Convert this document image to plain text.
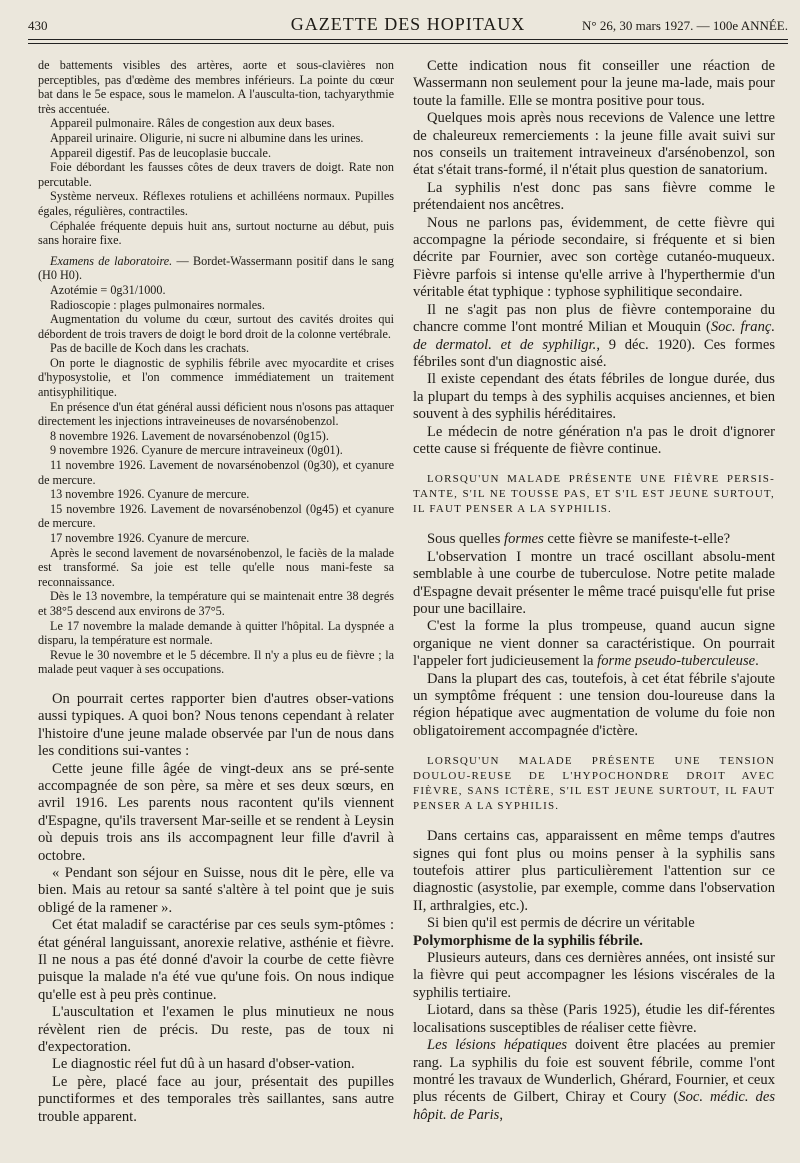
430	GAZETTE DES HOPITAUX	N° 26, 30 mars 1927. — 100e ANNÉE.

de battements visibles des artères, aorte et sous-clavières non perceptibles, pas d'œdème des membres inférieurs. La pointe du cœur bat dans le 5e espace, sous le mamelon. A l'ausculta-tion, tachyarythmie très accentuée.

Appareil pulmonaire. Râles de congestion aux deux bases.

Appareil urinaire. Oligurie, ni sucre ni albumine dans les urines.

Appareil digestif. Pas de leucoplasie buccale.

Foie débordant les fausses côtes de deux travers de doigt. Rate non percutable.

Système nerveux. Réflexes rotuliens et achilléens normaux. Pupilles égales, régulières, contractiles.

Céphalée fréquente depuis huit ans, surtout nocturne au début, puis sans horaire fixe.

Examens de laboratoire. — Bordet-Wassermann positif dans le sang (H0 H0).

Azotémie = 0g31/1000.

Radioscopie : plages pulmonaires normales.

Augmentation du volume du cœur, surtout des cavités droites qui débordent de trois travers de doigt le bord droit de la colonne vertébrale.

Pas de bacille de Koch dans les crachats.

On porte le diagnostic de syphilis fébrile avec myocardite et crises d'hyposystolie, et l'on commence immédiatement un traitement antisyphilitique.

En présence d'un état général aussi déficient nous n'osons pas attaquer directement les injections intraveineuses de novarsénobenzol.

8 novembre 1926. Lavement de novarsénobenzol (0g15).

9 novembre 1926. Cyanure de mercure intraveineux (0g01).

11 novembre 1926. Lavement de novarsénobenzol (0g30), et cyanure de mercure.

13 novembre 1926. Cyanure de mercure.

15 novembre 1926. Lavement de novarsénobenzol (0g45) et cyanure de mercure.

17 novembre 1926. Cyanure de mercure.

Après le second lavement de novarsénobenzol, le faciès de la malade est transformé. Sa joie est telle qu'elle nous mani-feste sa reconnaissance.

Dès le 13 novembre, la température qui se maintenait entre 38 degrés et 38°5 descend aux environs de 37°5.

Le 17 novembre la malade demande à quitter l'hôpital. La dyspnée a disparu, la température est normale.

Revue le 30 novembre et le 5 décembre. Il n'y a plus eu de fièvre ; la malade peut vaquer à ses occupations.

On pourrait certes rapporter bien d'autres obser-vations aussi typiques. A quoi bon? Nous tenons cependant à relater l'histoire d'une jeune malade observée par l'un de nous dans les conditions sui-vantes :

Cette jeune fille âgée de vingt-deux ans se pré-sente accompagnée de son père, sa mère et ses deux sœurs, en avril 1916. Les parents nous racontent qu'ils viennent d'Espagne, qu'ils traversent Mar-seille et se rendent à Leysin où depuis trois ans ils accompagnent leur fille d'avril à octobre.

« Pendant son séjour en Suisse, nous dit le père, elle va bien. Mais au retour sa santé s'altère à tel point que je suis obligé de la ramener ».

Cet état maladif se caractérise par ces seuls sym-ptômes : état général languissant, anorexie relative, asthénie et fièvre. Il ne nous a pas été donné d'avoir la courbe de cette fièvre puisque la malade n'a été vue qu'une fois. On nous indique qu'elle est à peu près continue.

L'auscultation et l'examen le plus minutieux ne nous révèlent rien de précis. Du reste, pas de toux ni d'expectoration.

Le diagnostic réel fut dû à un hasard d'obser-vation.

Le père, placé face au jour, présentait des pupilles punctiformes et des temporales très saillantes, sans autre trouble apparent.

Cette indication nous fit conseiller une réaction de Wassermann non seulement pour la jeune ma-lade, mais pour toute la famille. Elle se montra positive pour tous.

Quelques mois après nous recevions de Valence une lettre de chaleureux remerciements : la jeune fille avait suivi sur nos conseils un traitement intraveineux d'arsénobenzol, son état s'était trans-formé, il n'était plus question de sanatorium.

La syphilis n'est donc pas sans fièvre comme le prétendaient nos ancêtres.

Nous ne parlons pas, évidemment, de cette fièvre qui accompagne la période secondaire, si fréquente et si bien décrite par Fournier, avec son cortège cutanéo-muqueux. Fièvre parfois si intense qu'elle arrive à l'hyperthermie d'un véritable état typhique : typhose syphilitique secondaire.

Il ne s'agit pas non plus de fièvre contemporaine du chancre comme l'ont montré Milian et Mouquin (Soc. franç. de dermatol. et de syphiligr., 9 déc. 1920). Ces formes fébriles sont d'un diagnostic aisé.

Il existe cependant des états fébriles de longue durée, dus la plupart du temps à des syphilis acquises anciennes, et bien souvent à des syphilis héréditaires.

Le médecin de notre génération n'a pas le droit d'ignorer cette cause si fréquente de fièvre continue.

LORSQU'UN MALADE PRÉSENTE UNE FIÈVRE PERSIS-TANTE, S'IL NE TOUSSE PAS, ET S'IL EST JEUNE SURTOUT, IL FAUT PENSER A LA SYPHILIS.

Sous quelles formes cette fièvre se manifeste-t-elle?

L'observation I montre un tracé oscillant absolu-ment semblable à une courbe de tuberculose. Notre petite malade d'Espagne devait présenter le même tracé puisqu'elle fut prise pour une bacillaire.

C'est la forme la plus trompeuse, quand aucun signe organique ne vient donner sa caractéristique. On pourrait l'appeler fort judicieusement la forme pseudo-tuberculeuse.

Dans la plupart des cas, toutefois, à cet état fébrile s'ajoute un symptôme fréquent : une tension dou-loureuse dans la région hépatique avec augmentation de volume du foie non obligatoirement accompagnée d'ictère.

LORSQU'UN MALADE PRÉSENTE UNE TENSION DOULOU-REUSE DE L'HYPOCHONDRE DROIT AVEC FIÈVRE, SANS ICTÈRE, S'IL EST JEUNE SURTOUT, IL FAUT PENSER A LA SYPHILIS.

Dans certains cas, apparaissent en même temps d'autres signes qui font plus ou moins penser à la syphilis sans toutefois attirer plus particulièrement l'attention sur ce diagnostic (asystolie, par exemple, comme dans l'observation II, arthralgies, etc.).

Si bien qu'il est permis de décrire un véritable

Polymorphisme de la syphilis fébrile.

Plusieurs auteurs, dans ces dernières années, ont insisté sur la fièvre qui peut accompagner les lésions viscérales de la syphilis tertiaire.

Liotard, dans sa thèse (Paris 1925), étudie les dif-férentes localisations susceptibles de réaliser cette fièvre.

Les lésions hépatiques doivent être placées au premier rang. La syphilis du foie est souvent fébrile, comme l'ont montré les travaux de Wunderlich, Ghérard, Fournier, et ceux plus récents de Gilbert, Chiray et Coury (Soc. médic. des hôpit. de Paris,
